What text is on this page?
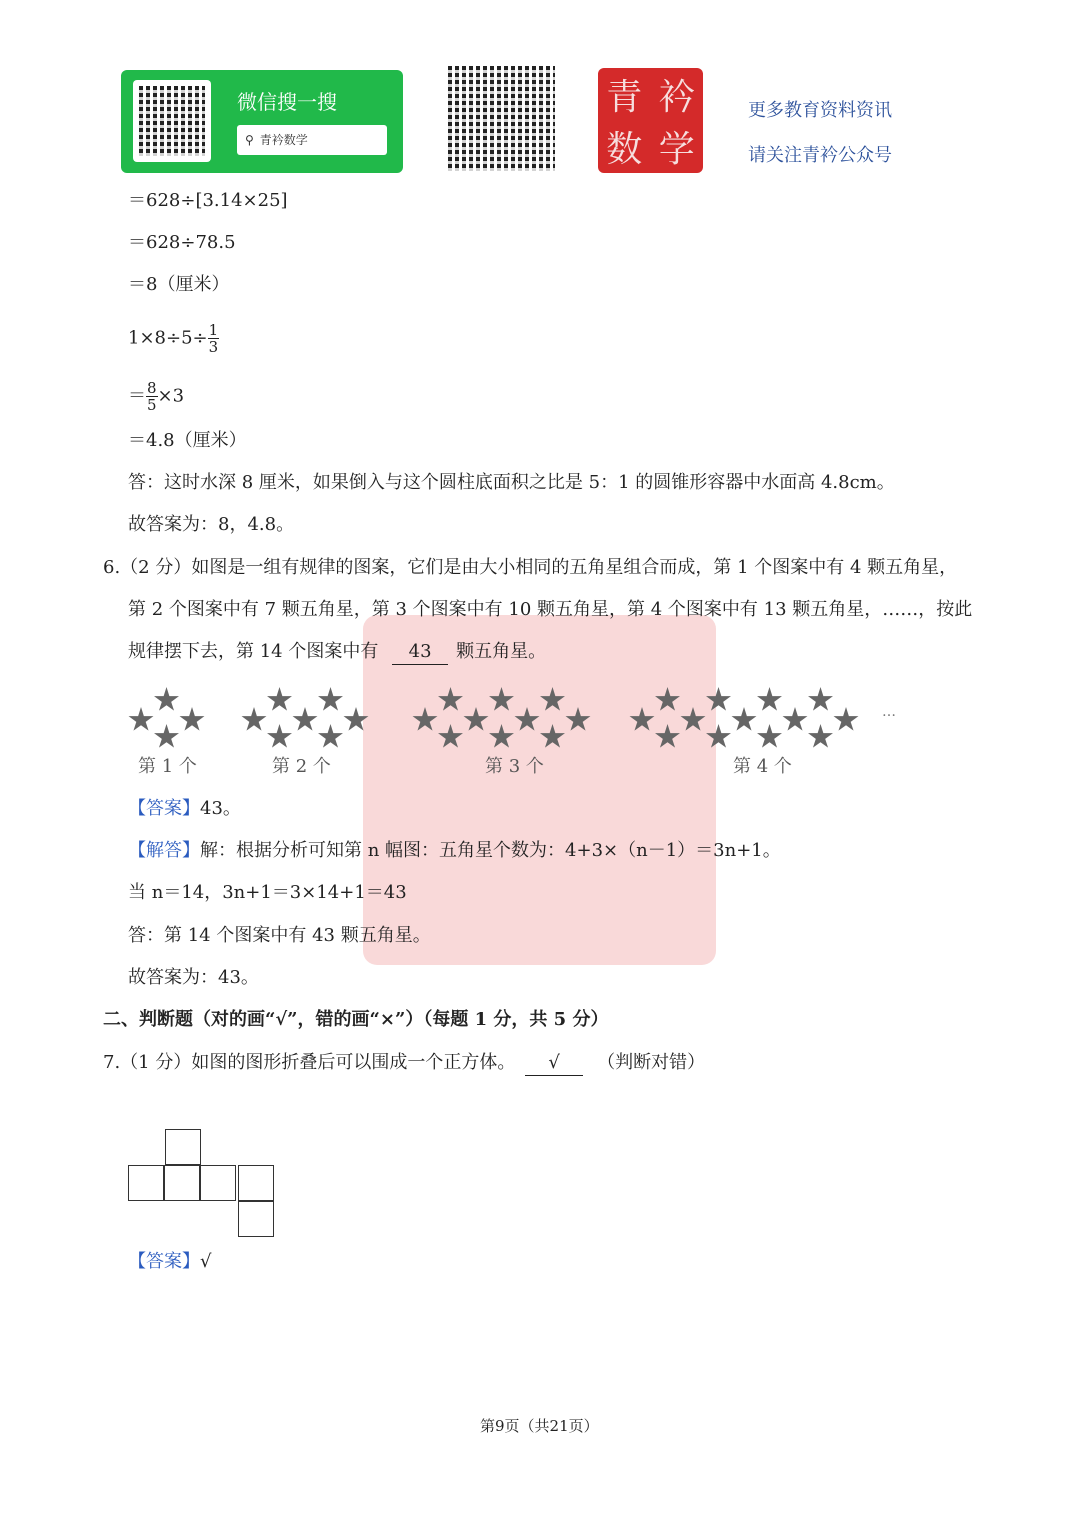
微信搜一搜
⚲ 青衿数学
青 衿
数 学
更多教育资料资讯
请关注青衿公众号
＝628÷[3.14×25]
＝628÷78.5
＝8（厘米）
$1\times 8\div 5\div \frac{1}{3}$
＝ $\frac{8}{5} \times 3$
＝4.8（厘米）
答：这时水深 8 厘米，如果倒入与这个圆柱底面积之比是 5：1 的圆锥形容器中水面高 4.8cm。
故答案为：8，4.8。
6.（2 分）如图是一组有规律的图案，它们是由大小相同的五角星组合而成，第 1 个图案中有 4 颗五角星，
第 2 个图案中有 7 颗五角星，第 3 个图案中有 10 颗五角星，第 4 个图案中有 13 颗五角星，……，按此
规律摆下去，第 14 个图案中有 43 颗五角星。
第 1 个	第 2 个	第 3 个	第 4 个
…
【答案】43。
【解答】解：根据分析可知第 n 幅图：五角星个数为：4+3×（n－1）＝3n+1。
当 n＝14，3n+1＝3×14+1＝43
答：第 14 个图案中有 43 颗五角星。
故答案为：43。
二、判断题（对的画“√”，错的画“×”）（每题 1 分，共 5 分）
7.（1 分）如图的图形折叠后可以围成一个正方体。 √ （判断对错）
【答案】√
第9页（共21页）
